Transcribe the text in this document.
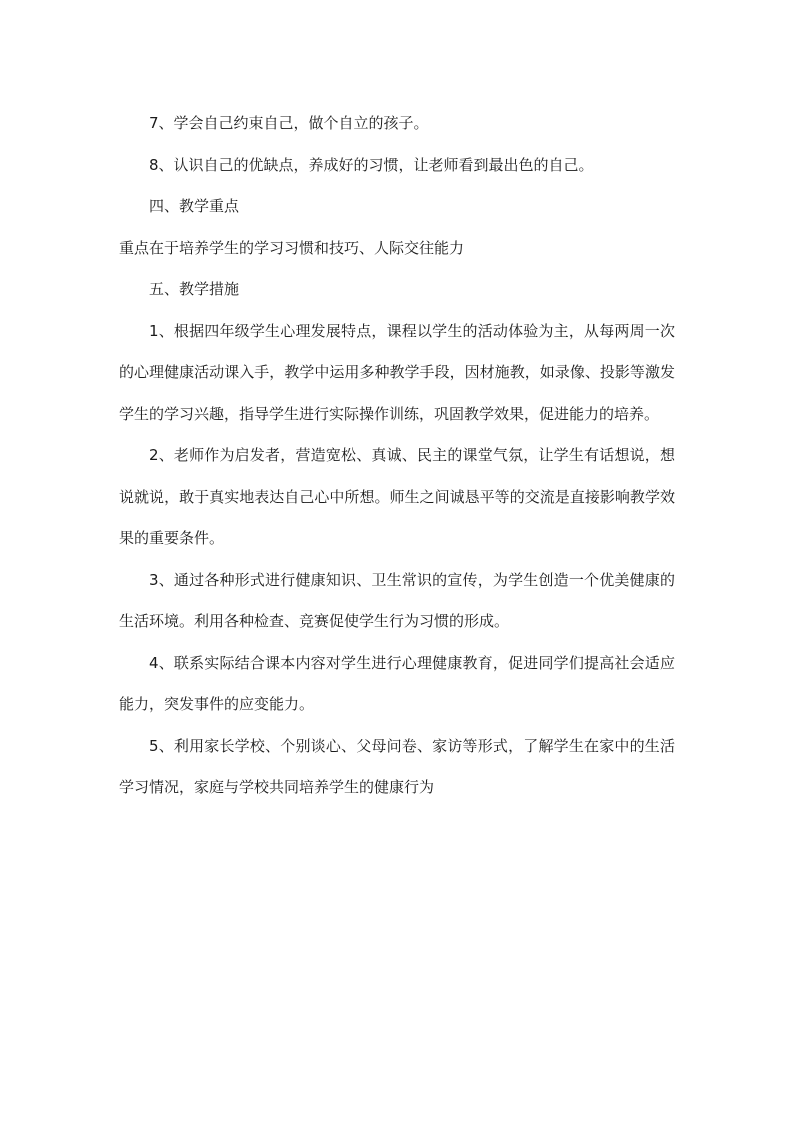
7、学会自己约束自己，做个自立的孩子。

8、认识自己的优缺点，养成好的习惯，让老师看到最出色的自己。

四、教学重点

重点在于培养学生的学习习惯和技巧、人际交往能力

五、教学措施

1、根据四年级学生心理发展特点，课程以学生的活动体验为主，从每两周一次的心理健康活动课入手，教学中运用多种教学手段，因材施教，如录像、投影等激发学生的学习兴趣，指导学生进行实际操作训练，巩固教学效果，促进能力的培养。

2、老师作为启发者，营造宽松、真诚、民主的课堂气氛，让学生有话想说，想说就说，敢于真实地表达自己心中所想。师生之间诚恳平等的交流是直接影响教学效果的重要条件。

3、通过各种形式进行健康知识、卫生常识的宣传，为学生创造一个优美健康的生活环境。利用各种检查、竞赛促使学生行为习惯的形成。

4、联系实际结合课本内容对学生进行心理健康教育，促进同学们提高社会适应能力，突发事件的应变能力。

5、利用家长学校、个别谈心、父母问卷、家访等形式，了解学生在家中的生活学习情况，家庭与学校共同培养学生的健康行为
